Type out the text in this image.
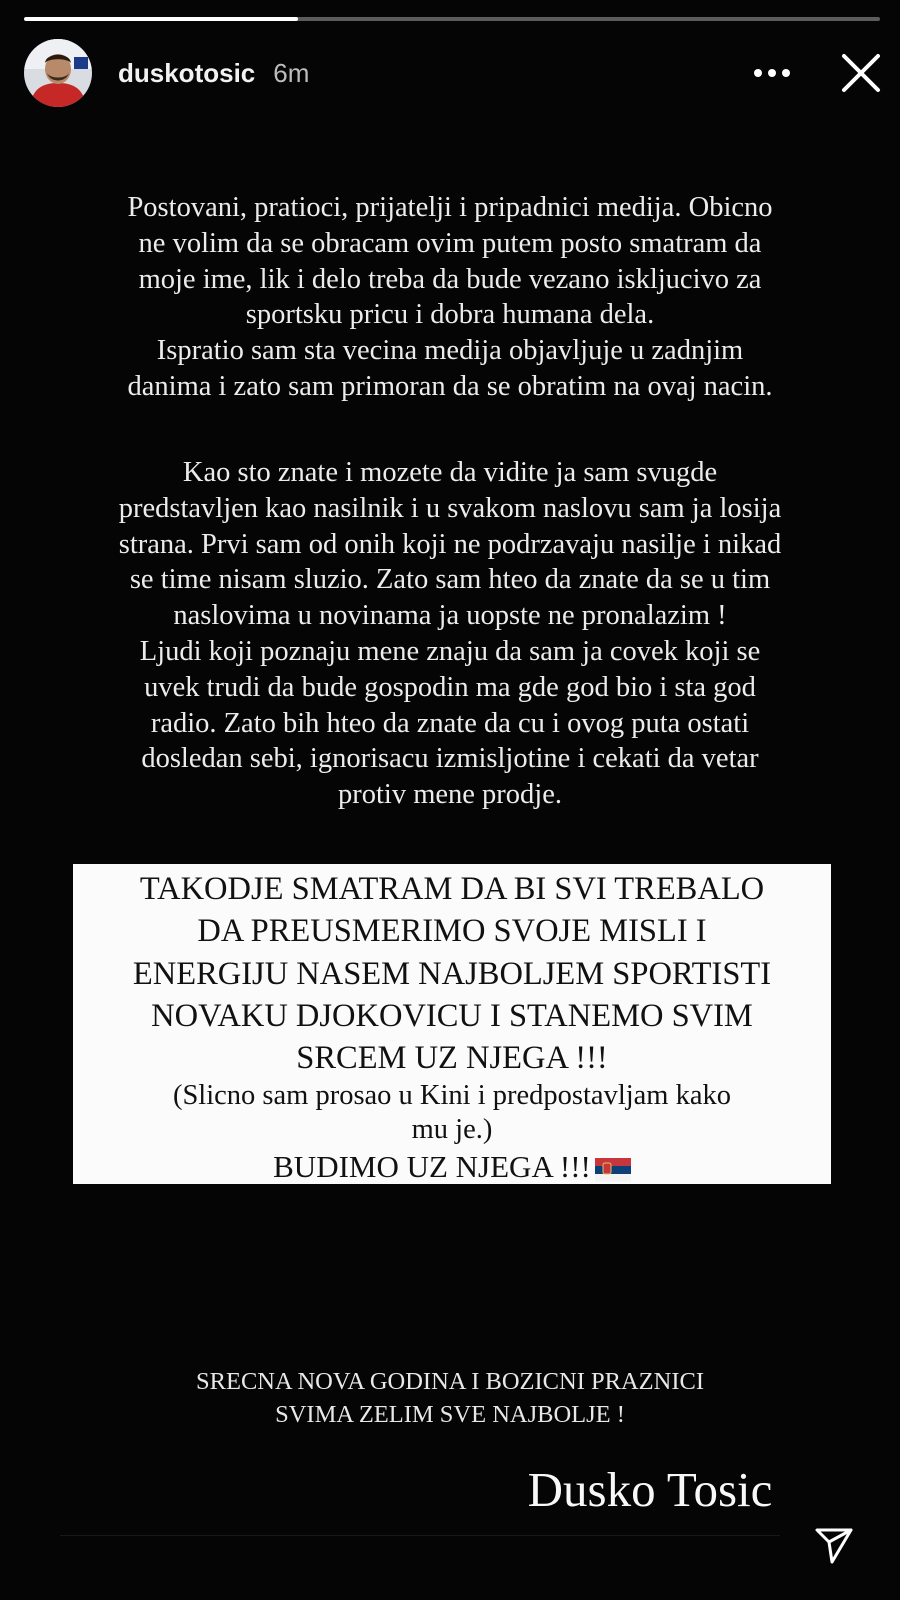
duskotosic 6m
Postovani, pratioci, prijatelji i pripadnici medija. Obicno
ne volim da se obracam ovim putem posto smatram da
moje ime, lik i delo treba da bude vezano iskljucivo za
sportsku pricu i dobra humana dela.
Ispratio sam sta vecina medija objavljuje u zadnjim
danima i zato sam primoran da se obratim na ovaj nacin.
Kao sto znate i mozete da vidite ja sam svugde
predstavljen kao nasilnik i u svakom naslovu sam ja losija
strana. Prvi sam od onih koji ne podrzavaju nasilje i nikad
se time nisam sluzio. Zato sam hteo da znate da se u tim
naslovima u novinama ja uopste ne pronalazim !
Ljudi koji poznaju mene znaju da sam ja covek koji se
uvek trudi da bude gospodin ma gde god bio i sta god
radio. Zato bih hteo da znate da cu i ovog puta ostati
dosledan sebi, ignorisacu izmisljotine i cekati da vetar
protiv mene prodje.
TAKODJE SMATRAM DA BI SVI TREBALO
DA PREUSMERIMO SVOJE MISLI I
ENERGIJU NASEM NAJBOLJEM SPORTISTI
NOVAKU DJOKOVICU I STANEMO SVIM
SRCEM UZ NJEGA !!!
(Slicno sam prosao u Kini i predpostavljam kako
mu je.)
BUDIMO UZ NJEGA !!!
SRECNA NOVA GODINA I BOZICNI PRAZNICI
SVIMA ZELIM SVE NAJBOLJE !
Dusko Tosic
